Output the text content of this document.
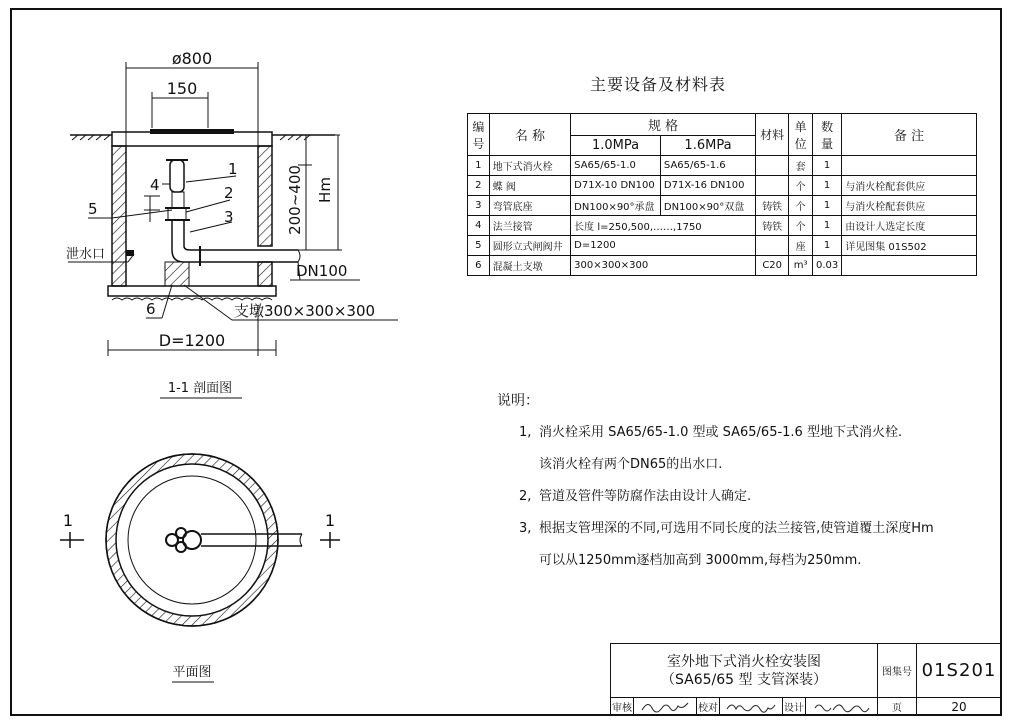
ø800
150
200~400 Hm
D=1200
泄水口
DN100
支墩300×300×300
1
2
3
4
5
6
1-1 剖面图
1	1
平面图
主要设备及材料表
编号	名 称	规 格		材料	单位	数量	备 注
		1.0MPa	1.6MPa				
1	地下式消火栓	SA65/65-1.0	SA65/65-1.6		套	1	
2	蝶 阀	D71X-10 DN100	D71X-16 DN100		个	1	与消火栓配套供应
3	弯管底座	DN100×90°承盘	DN100×90°双盘	铸铁	个	1	与消火栓配套供应
4	法兰接管	长度 l=250,500,……,1750		铸铁	个	1	由设计人选定长度
5	圆形立式闸阀井	D=1200			座	1	详见图集 01S502
6	混凝土支墩	300×300×300		C20	m³	0.03	
说明：
1, 消火栓采用 SA65/65-1.0 型或 SA65/65-1.6 型地下式消火栓.
该消火栓有两个DN65的出水口.
2, 管道及管件等防腐作法由设计人确定.
3, 根据支管埋深的不同,可选用不同长度的法兰接管,使管道覆土深度Hm
可以从1250mm逐档加高到 3000mm,每档为250mm.
室外地下式消火栓安装图
（SA65/65 型 支管深装）	图集号 01S201
审核	校对	设计	页	20
